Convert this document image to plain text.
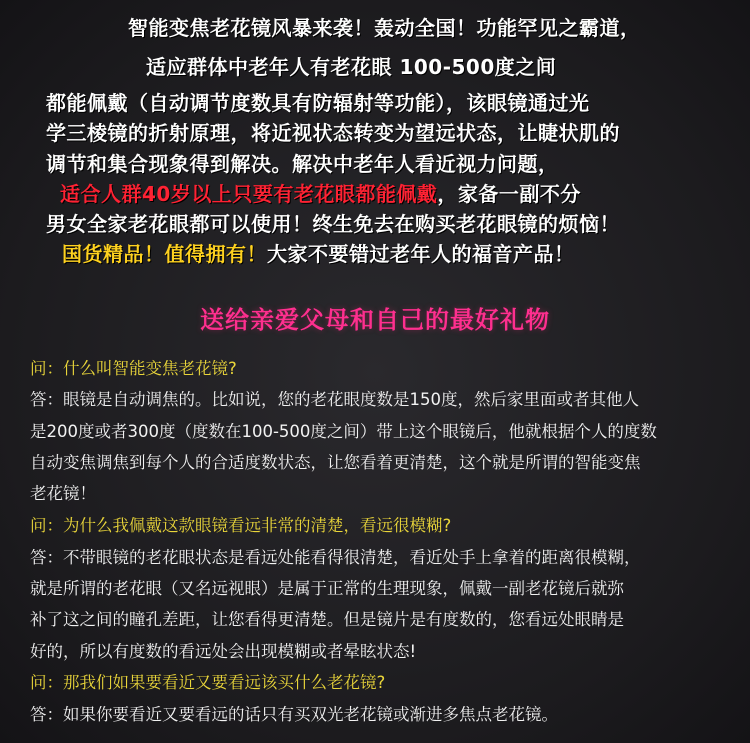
智能变焦老花镜风暴来袭！轰动全国！功能罕见之霸道，
适应群体中老年人有老花眼 100-500度之间
都能佩戴（自动调节度数具有防辐射等功能），该眼镜通过光
学三棱镜的折射原理，将近视状态转变为望远状态，让睫状肌的
调节和集合现象得到解决。解决中老年人看近视力问题，
适合人群40岁以上只要有老花眼都能佩戴，家备一副不分
男女全家老花眼都可以使用！终生免去在购买老花眼镜的烦恼！
国货精品！值得拥有！大家不要错过老年人的福音产品！
送给亲爱父母和自己的最好礼物
问：什么叫智能变焦老花镜?
答：眼镜是自动调焦的。比如说，您的老花眼度数是150度，然后家里面或者其他人
是200度或者300度（度数在100-500度之间）带上这个眼镜后，他就根据个人的度数
自动变焦调焦到每个人的合适度数状态，让您看着更清楚，这个就是所谓的智能变焦
老花镜！
问：为什么我佩戴这款眼镜看远非常的清楚，看远很模糊?
答：不带眼镜的老花眼状态是看远处能看得很清楚，看近处手上拿着的距离很模糊，
就是所谓的老花眼（又名远视眼）是属于正常的生理现象，佩戴一副老花镜后就弥
补了这之间的瞳孔差距，让您看得更清楚。但是镜片是有度数的，您看远处眼睛是
好的，所以有度数的看远处会出现模糊或者晕眩状态!
问：那我们如果要看近又要看远该买什么老花镜?
答：如果你要看近又要看远的话只有买双光老花镜或渐进多焦点老花镜。
